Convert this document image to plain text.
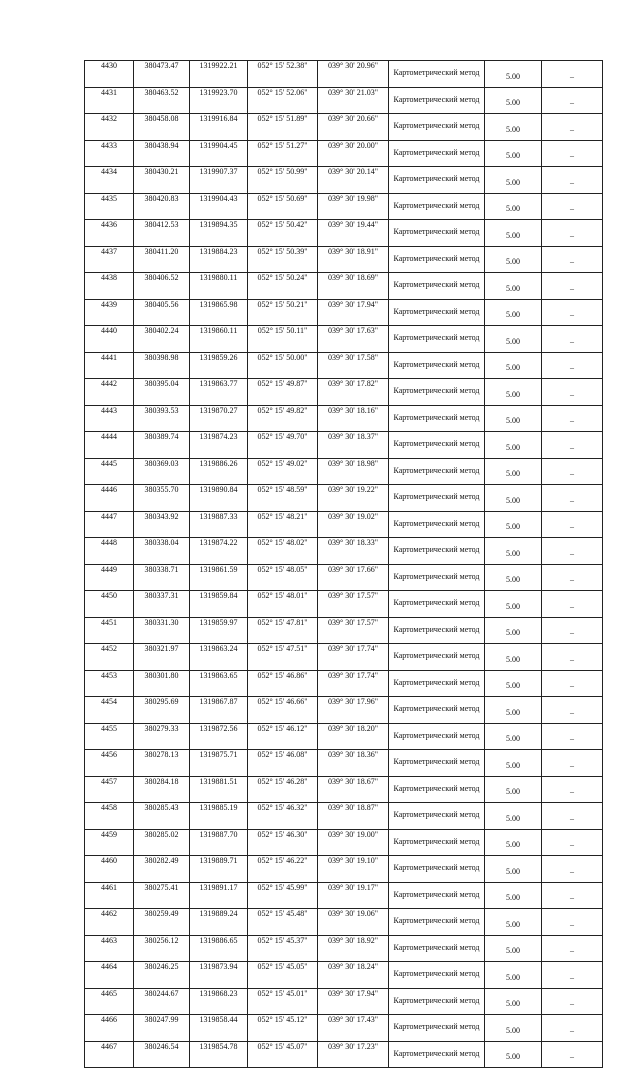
4430	380473.47	1319922.21	052° 15' 52.38"	039° 30' 20.96"	Картометрический метод	5.00	–
4431	380463.52	1319923.70	052° 15' 52.06"	039° 30' 21.03"	Картометрический метод	5.00	–
4432	380458.08	1319916.84	052° 15' 51.89"	039° 30' 20.66"	Картометрический метод	5.00	–
4433	380438.94	1319904.45	052° 15' 51.27"	039° 30' 20.00"	Картометрический метод	5.00	–
4434	380430.21	1319907.37	052° 15' 50.99"	039° 30' 20.14"	Картометрический метод	5.00	–
4435	380420.83	1319904.43	052° 15' 50.69"	039° 30' 19.98"	Картометрический метод	5.00	–
4436	380412.53	1319894.35	052° 15' 50.42"	039° 30' 19.44"	Картометрический метод	5.00	–
4437	380411.20	1319884.23	052° 15' 50.39"	039° 30' 18.91"	Картометрический метод	5.00	–
4438	380406.52	1319880.11	052° 15' 50.24"	039° 30' 18.69"	Картометрический метод	5.00	–
4439	380405.56	1319865.98	052° 15' 50.21"	039° 30' 17.94"	Картометрический метод	5.00	–
4440	380402.24	1319860.11	052° 15' 50.11"	039° 30' 17.63"	Картометрический метод	5.00	–
4441	380398.98	1319859.26	052° 15' 50.00"	039° 30' 17.58"	Картометрический метод	5.00	–
4442	380395.04	1319863.77	052° 15' 49.87"	039° 30' 17.82"	Картометрический метод	5.00	–
4443	380393.53	1319870.27	052° 15' 49.82"	039° 30' 18.16"	Картометрический метод	5.00	–
4444	380389.74	1319874.23	052° 15' 49.70"	039° 30' 18.37"	Картометрический метод	5.00	–
4445	380369.03	1319886.26	052° 15' 49.02"	039° 30' 18.98"	Картометрический метод	5.00	–
4446	380355.70	1319890.84	052° 15' 48.59"	039° 30' 19.22"	Картометрический метод	5.00	–
4447	380343.92	1319887.33	052° 15' 48.21"	039° 30' 19.02"	Картометрический метод	5.00	–
4448	380338.04	1319874.22	052° 15' 48.02"	039° 30' 18.33"	Картометрический метод	5.00	–
4449	380338.71	1319861.59	052° 15' 48.05"	039° 30' 17.66"	Картометрический метод	5.00	–
4450	380337.31	1319859.84	052° 15' 48.01"	039° 30' 17.57"	Картометрический метод	5.00	–
4451	380331.30	1319859.97	052° 15' 47.81"	039° 30' 17.57"	Картометрический метод	5.00	–
4452	380321.97	1319863.24	052° 15' 47.51"	039° 30' 17.74"	Картометрический метод	5.00	–
4453	380301.80	1319863.65	052° 15' 46.86"	039° 30' 17.74"	Картометрический метод	5.00	–
4454	380295.69	1319867.87	052° 15' 46.66"	039° 30' 17.96"	Картометрический метод	5.00	–
4455	380279.33	1319872.56	052° 15' 46.12"	039° 30' 18.20"	Картометрический метод	5.00	–
4456	380278.13	1319875.71	052° 15' 46.08"	039° 30' 18.36"	Картометрический метод	5.00	–
4457	380284.18	1319881.51	052° 15' 46.28"	039° 30' 18.67"	Картометрический метод	5.00	–
4458	380285.43	1319885.19	052° 15' 46.32"	039° 30' 18.87"	Картометрический метод	5.00	–
4459	380285.02	1319887.70	052° 15' 46.30"	039° 30' 19.00"	Картометрический метод	5.00	–
4460	380282.49	1319889.71	052° 15' 46.22"	039° 30' 19.10"	Картометрический метод	5.00	–
4461	380275.41	1319891.17	052° 15' 45.99"	039° 30' 19.17"	Картометрический метод	5.00	–
4462	380259.49	1319889.24	052° 15' 45.48"	039° 30' 19.06"	Картометрический метод	5.00	–
4463	380256.12	1319886.65	052° 15' 45.37"	039° 30' 18.92"	Картометрический метод	5.00	–
4464	380246.25	1319873.94	052° 15' 45.05"	039° 30' 18.24"	Картометрический метод	5.00	–
4465	380244.67	1319868.23	052° 15' 45.01"	039° 30' 17.94"	Картометрический метод	5.00	–
4466	380247.99	1319858.44	052° 15' 45.12"	039° 30' 17.43"	Картометрический метод	5.00	–
4467	380246.54	1319854.78	052° 15' 45.07"	039° 30' 17.23"	Картометрический метод	5.00	–
